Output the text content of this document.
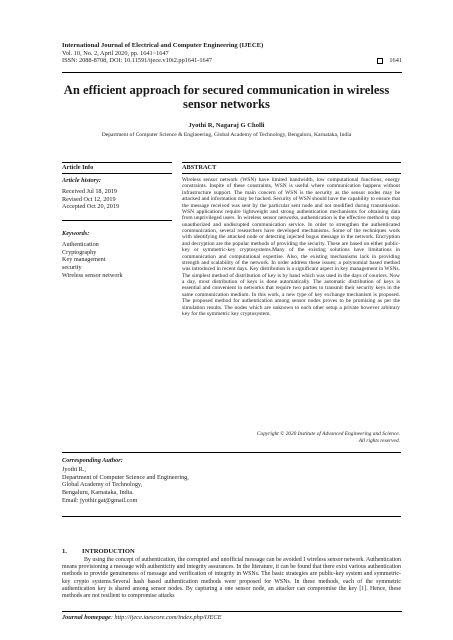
International Journal of Electrical and Computer Engineering (IJECE)
Vol. 10, No. 2, April 2020, pp. 1641~1647
ISSN: 2088-8708, DOI: 10.11591/ijece.v10i2.pp1641-1647	1641
An efficient approach for secured communication in wireless
sensor networks
Jyothi R, Nagaraj G Cholli
Department of Computer Science & Engineering, Global Academy of Technology, Bengaluru, Karnataka, India
Article Info	ABSTRACT
Article history:
Received Jul 18, 2019
Revised Oct 12, 2019
Accepted Oct 20, 2019
Keywords:
Authentication
Cryptography
Key management
security
Wireless sensor network
Wireless sensor network (WSN) have limited bandwidth, low computational functions, energy constraints. Inspite of these constraints, WSN is useful where communication happens without infrastructure support. The main concern of WSN is the security as the sensor nodes may be attacked and information may be hacked. Security of WSN should have the capability to ensure that the message received was sent by the particular sent node and not modified during transmission. WSN applications require lightweight and strong authentication mechanisms for obtaining data from unprivileged users. In wireless sensor networks, authentication is the effective method to stop unauthorized and undisrupted communication service. In order to strengthen the authenticated communication, several researchers have developed mechanisms. Some of the techniques work with identifying the attacked node or detecting injected bogus message in the network. Encryption and decryption are the popular methods of providing the security. These are based on either public-key or symmetric-key cryptosystems.Many of the existing solutions have limitations in communication and computational expertise. Also, the existing mechanisms lack in providing strength and scalability of the network. In order address these issues; a polynomial based method was introduced in recent days. Key distribution is a significant aspect in key management in WSNs. The simplest method of distribution of key is by hand which was used in the days of couriers. Now a day, most distribution of keys is done automatically. The automatic distribution of keys is essential and convenient in networks that require two parties to transmit their security keys in the same communication medium. In this work, a new type of key exchange mechanism is proposed. The proposed method for authentication among sensor nodes proves to be promising as per the simulation results. The nodes which are unknown to each other setup a private however arbitrary key for the symmetric key cryptosystem.
Copyright © 2020 Institute of Advanced Engineering and Science.
All rights reserved.
Corresponding Author:
Jyothi R.,
Department of Computer Science and Engineering,
Global Academy of Technology,
Bengaluru, Karnataka, India.
Email: jyothir.gat@gmail.com
1. INTRODUCTION
By using the concept of authentication, the corrupted and unofficial message can be avoided I wireless sensor network. Authentication means provisioning a message with authenticity and integrity assurances. In the literature, it can be found that there exist various authentication methods to provide genuineness of message and verification of integrity in WSNs. The basic strategies are public-key system and symmetric-key crypto systems.Several hash based authentication methods were proposed for WSNs. In these methods, each of the symmetric authentication key is shared among sensor nodes. By capturing a one sensor node, an attacker can compromise the key [1]. Hence, these methods are not resilient to compromise attacks
Journal homepage: http://ijece.iaescore.com/index.php/IJECE
